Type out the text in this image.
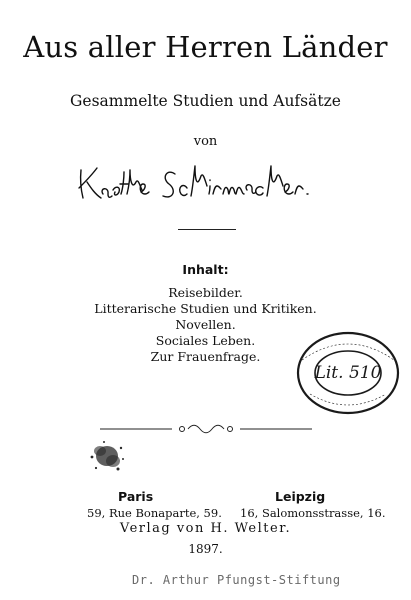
Aus aller Herren Länder
Gesammelte Studien und Aufsätze
von
Inhalt:
Reisebilder.
Litterarische Studien und Kritiken.
Novellen.
Sociales Leben.
Zur Frauenfrage.
Lit. 510
Paris	Leipzig
59, Rue Bonaparte, 59. 16, Salomonsstrasse, 16.
Verlag von H. Welter.
1897.
Dr. Arthur Pfungst-Stiftung
